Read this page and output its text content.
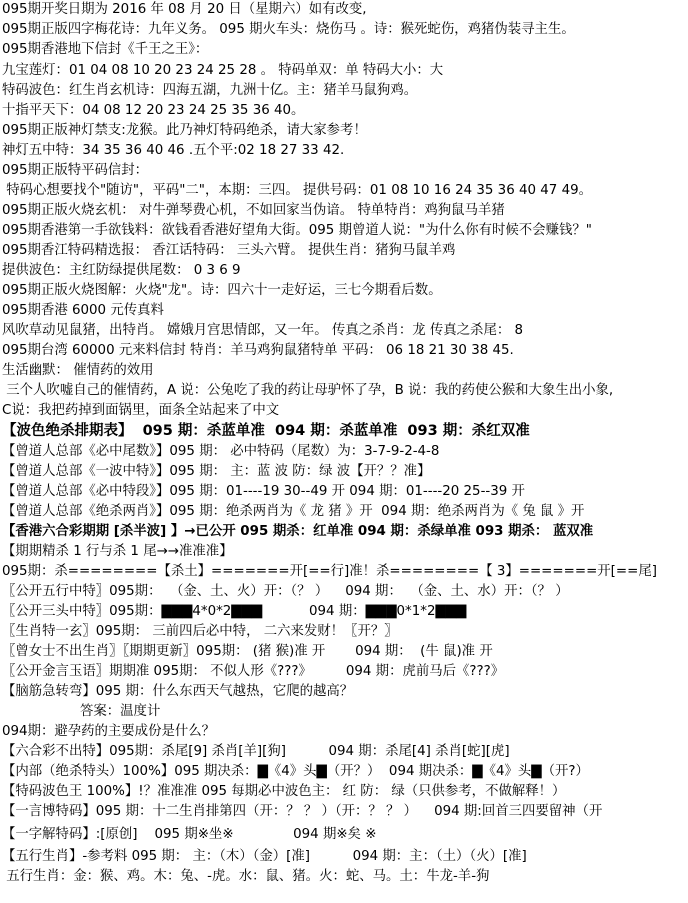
095期开奖日期为 2016 年 08 月 20 日（星期六）如有改变,
095期正版四字梅花诗：九年义务。 095 期火车头：烧伤马 。诗：猴死蛇伤，鸡猪伪装寻主生。
095期香港地下信封《千王之王》：
九宝莲灯：01 04 08 10 20 23 24 25 28 。 特码单双：单 特码大小：大
特码波色：红生肖玄机诗：四海五湖，九洲十亿。主：猪羊马鼠狗鸡。
十指平天下：04 08 12 20 23 24 25 35 36 40。
095期正版神灯禁支:龙猴。此乃神灯特码绝杀，请大家参考！
神灯五中特：34 35 36 40 46 .五个平:02 18 27 33 42.
095期正版特平码信封：
特码心想要找个"随访"，平码"二"，本期：三四。 提供号码：01 08 10 16 24 35 36 40 47 49。
095期正版火烧玄机： 对牛弹琴费心机，不如回家当伪谙。 特单特肖：鸡狗鼠马羊猪
095期香港第一手欲钱料：欲钱看香港好望角大街。095 期曾道人说："为什么你有时候不会赚钱？"
095期香江特码精选报： 香江话特码： 三头六臂。 提供生肖：猪狗马鼠羊鸡
提供波色：主红防绿提供尾数： 0 3 6 9
095期正版火烧图解：火烧"龙"。诗：四六十一走好运，三七今期看后数。
095期香港 6000 元传真料
风吹草动见鼠猪，出特肖。 嫦娥月宫思情郎，又一年。 传真之杀肖：龙 传真之杀尾： 8
095期台湾 60000 元来料信封 特肖：羊马鸡狗鼠猪特单 平码： 06 18 21 30 38 45.
生活幽默： 催情药的效用
三个人吹嘘自己的催情药，A 说：公兔吃了我的药让母驴怀了孕，B 说：我的药使公猴和大象生出小象,
C说：我把药掉到面锅里，面条全站起来了中文
【波色绝杀排期表】  095 期：杀蓝单准  094 期：杀蓝单准  093 期：杀红双准
【曾道人总部《必中尾数》】095 期： 必中特码（尾数）为：3-7-9-2-4-8
【曾道人总部《一波中特》】095 期： 主：蓝 波 防：绿 波【开？？准】
【曾道人总部《必中特段》】095 期：01----19 30--49 开 094 期：01----20 25--39 开
【曾道人总部《绝杀两肖》】095 期：绝杀两肖为《 龙 猪 》开  094 期：绝杀两肖为《 兔 鼠 》开
【香港六合彩期期 [杀半波] 】→已公开 095 期杀：红单准 094 期：杀绿单准 093 期杀： 蓝双准
【期期精杀 1 行与杀 1 尾→→准准准】
095期：杀========【杀土】=======开[==行]准！杀========【 3】=======开[==尾]
〖公开五行中特〗095期：  （金、土、火）开：（？ ）    094 期：  （金、土、水）开：（？ ）
〖公开三头中特〗095期：▇▇▇4*0*2▇▇▇           094 期：▇▇▇0*1*2▇▇▇
〖生肖特一玄〗095期： 三前四后必中特， 二六来发财！〖开？〗
〖曾女士不出生肖〗〖期期更新〗095期： (猪 猴)准 开       094 期：  (牛 鼠)准 开
〖公开金言玉语〗期期准 095期： 不似人形《???》        094 期：虎前马后《???》
【脑筋急转弯】095 期：什么东西天气越热，它爬的越高？
答案：温度计
094期：避孕药的主要成份是什么？
【六合彩不出特】095期：杀尾[9] 杀肖[羊][狗]          094 期：杀尾[4] 杀肖[蛇][虎]
【内部（绝杀特头）100%】095 期决杀：▇《4》头▇（开？）  094 期决杀：▇《4》头▇（开?）
【特码波色王 100%】!？准准准 095 每期必中波色主： 红 防： 绿（只供参考，不做解释！）
【一言博特码】095 期：十二生肖排第四（开：？ ？ ）（开：？ ？ ）    094 期:回首三四要留神（开
【一字解特码】:[原创]    095 期※坐※              094 期※矣 ※
【五行生肖】-参考料 095 期： 主：（木）（金）[准]          094 期：主：（土）（火）[准]
五行生肖：金：猴、鸡。木：兔、-虎。水：鼠、猪。火：蛇、马。土：牛龙-羊-狗
